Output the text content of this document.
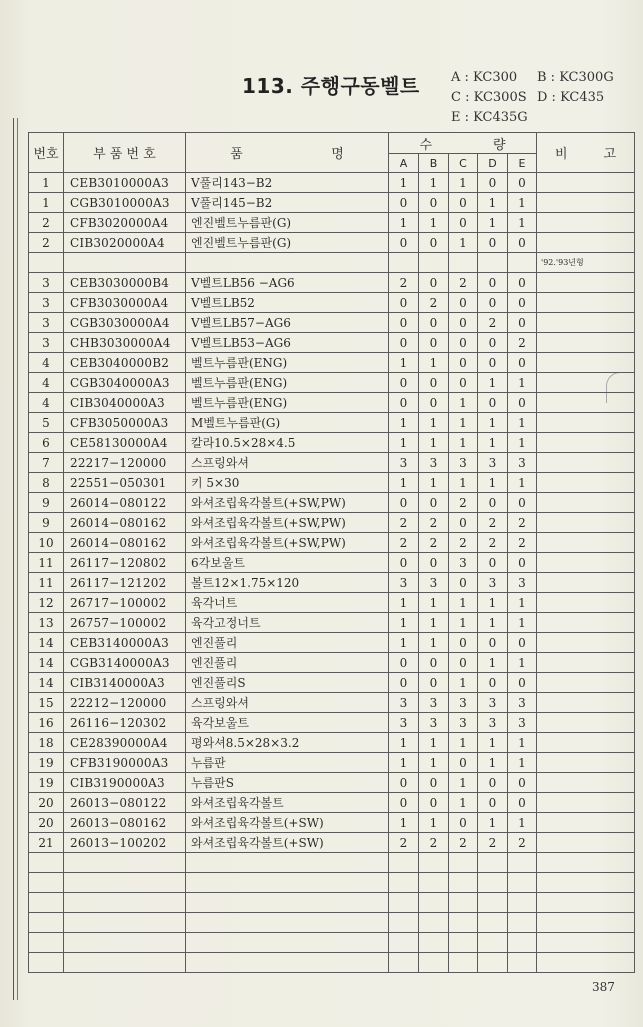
113. 주행구동벨트 A : KC300	B : KC300G
C : KC300S D : KC435
E : KC435G
번호	부 품 번 호	품 명	수 량					비 고

			A	B	C	D	E	
1	CEB3010000A3	V풀리143−B2	1	1	1	0	0	
1	CGB3010000A3	V풀리145−B2	0	0	0	1	1	
2	CFB3020000A4	엔진벨트누름판(G)	1	1	0	1	1	
2	CIB3020000A4	엔진벨트누름판(G)	0	0	1	0	0	
								'92.'93년형
3	CEB3030000B4	V벨트LB56 −AG6	2	0	2	0	0	
3	CFB3030000A4	V벨트LB52	0	2	0	0	0	
3	CGB3030000A4	V벨트LB57−AG6	0	0	0	2	0	
3	CHB3030000A4	V벨트LB53−AG6	0	0	0	0	2	
4	CEB3040000B2	벨트누름판(ENG)	1	1	0	0	0	
4	CGB3040000A3	벨트누름판(ENG)	0	0	0	1	1	
4	CIB3040000A3	벨트누름판(ENG)	0	0	1	0	0	
5	CFB3050000A3	M벨트누름판(G)	1	1	1	1	1	
6	CE58130000A4	칼라10.5×28×4.5	1	1	1	1	1	
7	22217−120000	스프링와셔	3	3	3	3	3	
8	22551−050301	키 5×30	1	1	1	1	1	
9	26014−080122	와셔조립육각볼트(+SW,PW)	0	0	2	0	0	
9	26014−080162	와셔조립육각볼트(+SW,PW)	2	2	0	2	2	
10	26014−080162	와셔조립육각볼트(+SW,PW)	2	2	2	2	2	
11	26117−120802	6각보울트	0	0	3	0	0	
11	26117−121202	볼트12×1.75×120	3	3	0	3	3	
12	26717−100002	육각너트	1	1	1	1	1	
13	26757−100002	육각고정너트	1	1	1	1	1	
14	CEB3140000A3	엔진풀리	1	1	0	0	0	
14	CGB3140000A3	엔진풀리	0	0	0	1	1	
14	CIB3140000A3	엔진풀리S	0	0	1	0	0	
15	22212−120000	스프링와셔	3	3	3	3	3	
16	26116−120302	육각보울트	3	3	3	3	3	
18	CE28390000A4	평와셔8.5×28×3.2	1	1	1	1	1	
19	CFB3190000A3	누름판	1	1	0	1	1	
19	CIB3190000A3	누름판S	0	0	1	0	0	
20	26013−080122	와셔조립육각볼트	0	0	1	0	0	
20	26013−080162	와셔조립육각볼트(+SW)	1	1	0	1	1	
21	26013−100202	와셔조립육각볼트(+SW)	2	2	2	2	2	

387
